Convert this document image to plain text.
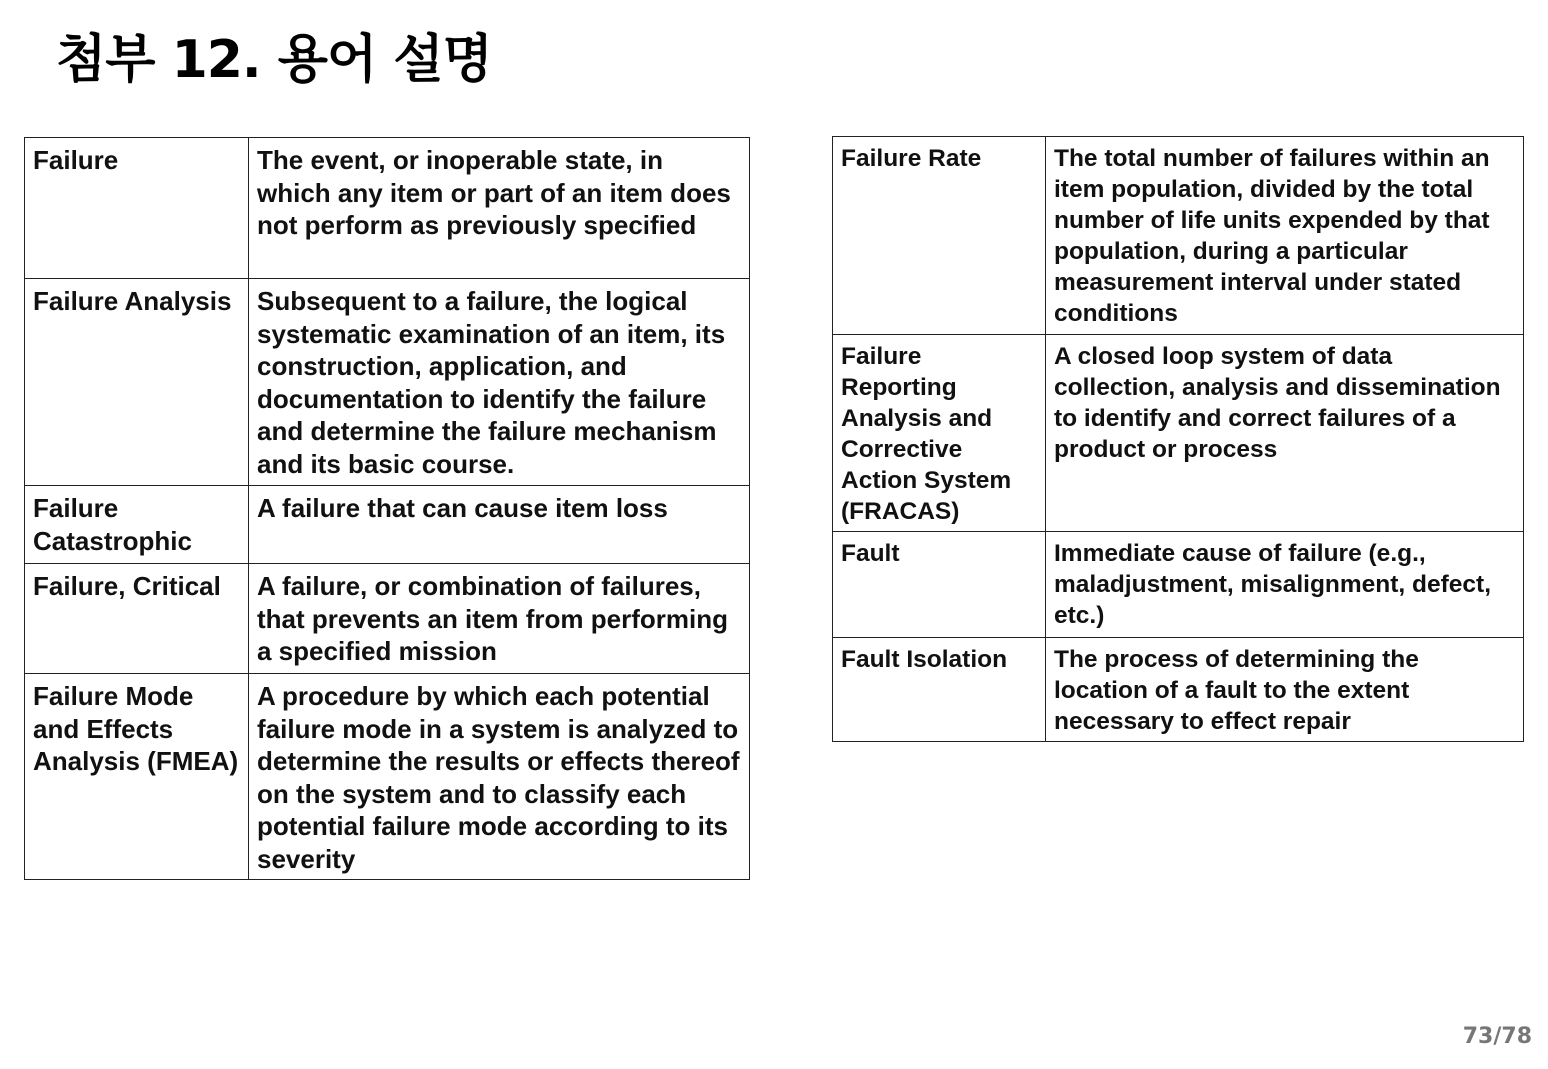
첨부 12. 용어 설명
Failure	The event, or inoperable state, in which any item or part of an item does not perform as previously specified
Failure Analysis	Subsequent to a failure, the logical systematic examination of an item, its construction, application, and documentation to identify the failure and determine the failure mechanism and its basic course.
Failure Catastrophic	A failure that can cause item loss
Failure, Critical	A failure, or combination of failures, that prevents an item from performing a specified mission
Failure Mode and Effects Analysis (FMEA)	A procedure by which each potential failure mode in a system is analyzed to determine the results or effects thereof on the system and to classify each potential failure mode according to its severity
Failure Rate	The total number of failures within an item population, divided by the total number of life units expended by that population, during a particular measurement interval under stated conditions
Failure Reporting Analysis and Corrective Action System (FRACAS)	A closed loop system of data collection, analysis and dissemination to identify and correct failures of a product or process
Fault	Immediate cause of failure (e.g., maladjustment, misalignment, defect, etc.)
Fault Isolation	The process of determining the location of a fault to the extent necessary to effect repair
73/78
